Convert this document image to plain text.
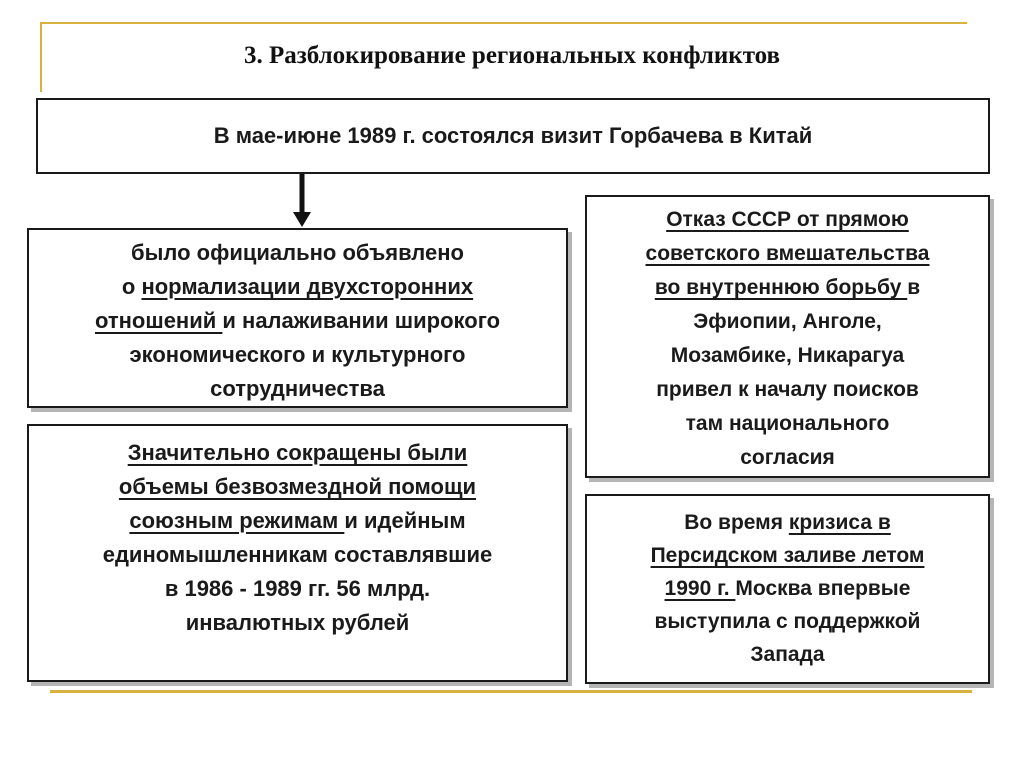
3. Разблокирование региональных конфликтов
В мае-июне 1989 г. состоялся визит Горбачева в Китай
было официально объявлено
о нормализации двухсторонних
отношений и налаживании широкого
экономического и культурного
сотрудничества
Значительно сокращены были
объемы безвозмездной помощи
союзным режимам и идейным
единомышленникам составлявшие
в 1986 - 1989 гг. 56 млрд.
инвалютных рублей
Отказ СССР от прямою
советского вмешательства
во внутреннюю борьбу в
Эфиопии, Анголе,
Мозамбике, Никарагуа
привел к началу поисков
там национального
согласия
Во время кризиса в
Персидском заливе летом
1990 г. Москва впервые
выступила с поддержкой
Запада
